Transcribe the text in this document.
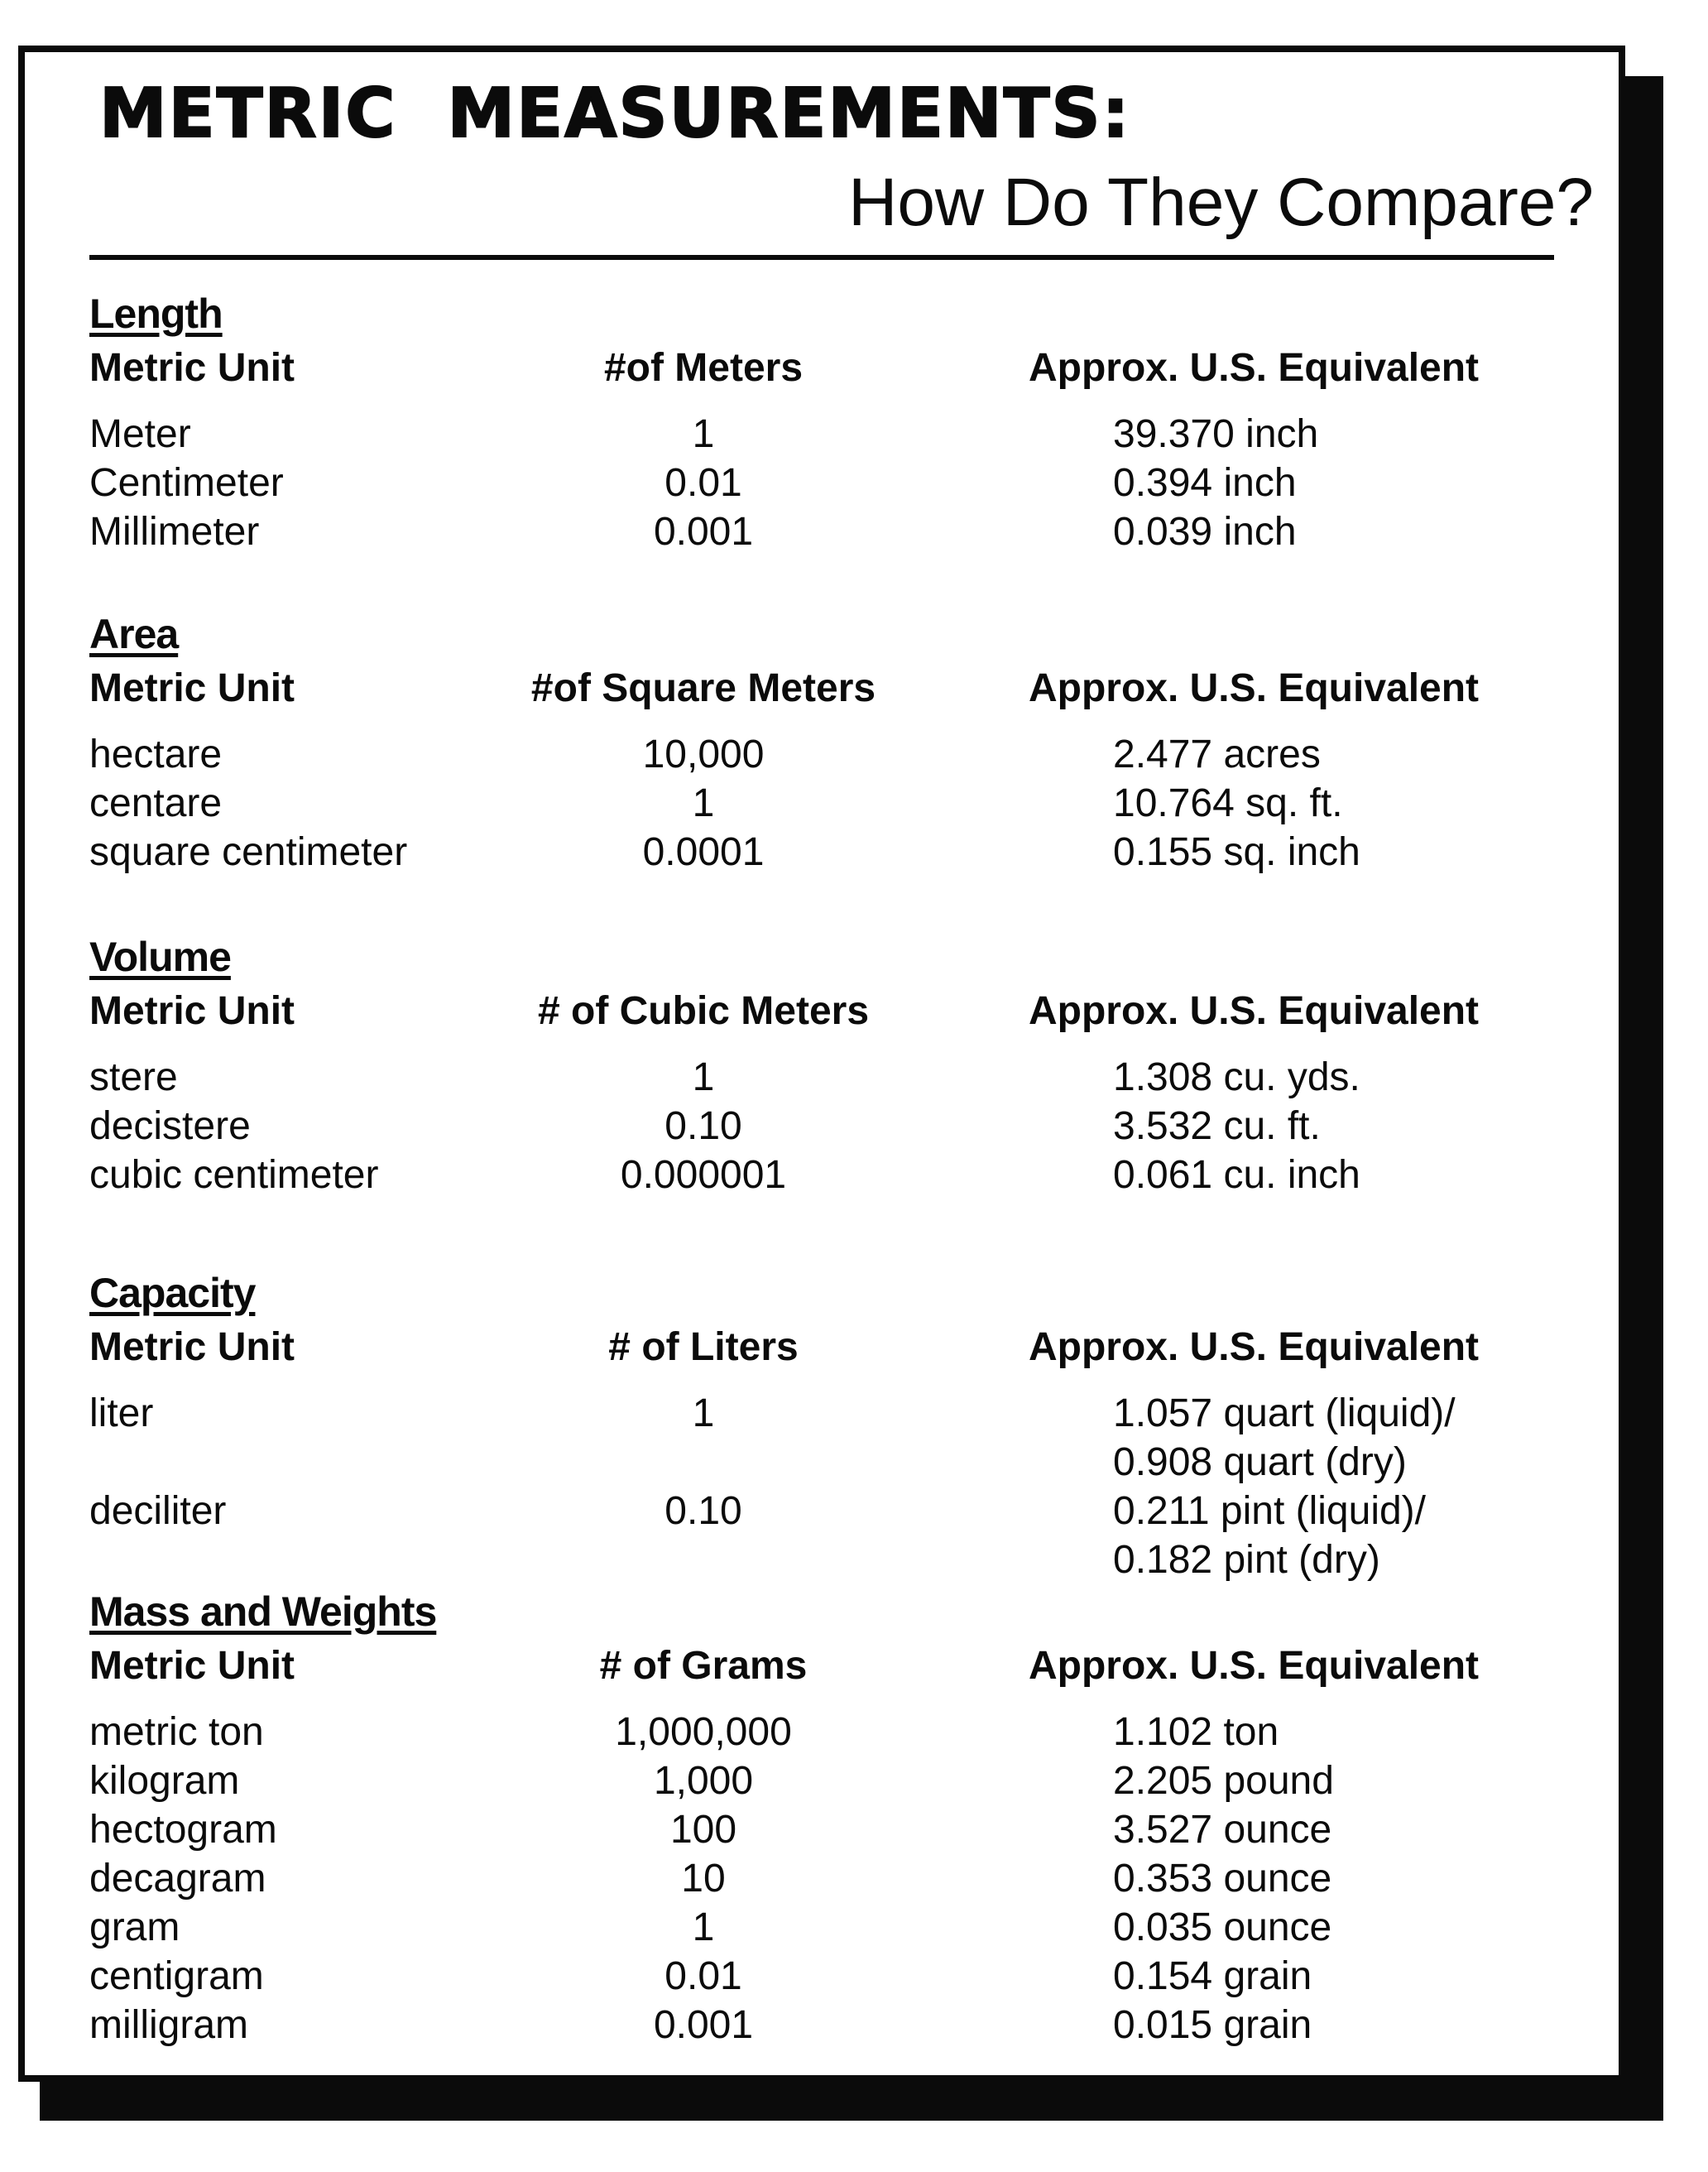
METRIC  MEASUREMENTS:
How Do They Compare?
Length
Metric Unit	#of Meters	Approx. U.S. Equivalent
Meter	1	39.370 inch
Centimeter	0.01	0.394 inch
Millimeter	0.001	0.039 inch
Area
Metric Unit	#of Square Meters	Approx. U.S. Equivalent
hectare	10,000	2.477 acres
centare	1	10.764 sq. ft.
square centimeter	0.0001	0.155 sq. inch
Volume
Metric Unit	# of Cubic Meters	Approx. U.S. Equivalent
stere	1	1.308 cu. yds.
decistere	0.10	3.532 cu. ft.
cubic centimeter	0.000001	0.061 cu. inch
Capacity
Metric Unit	# of Liters	Approx. U.S. Equivalent
liter	1	1.057 quart (liquid)/
0.908 quart (dry)
deciliter	0.10	0.211 pint (liquid)/
0.182 pint (dry)
Mass and Weights
Metric Unit	# of Grams	Approx. U.S. Equivalent
metric ton	1,000,000	1.102 ton
kilogram	1,000	2.205 pound
hectogram	100	3.527 ounce
decagram	10	0.353 ounce
gram	1	0.035 ounce
centigram	0.01	0.154 grain
milligram	0.001	0.015 grain
